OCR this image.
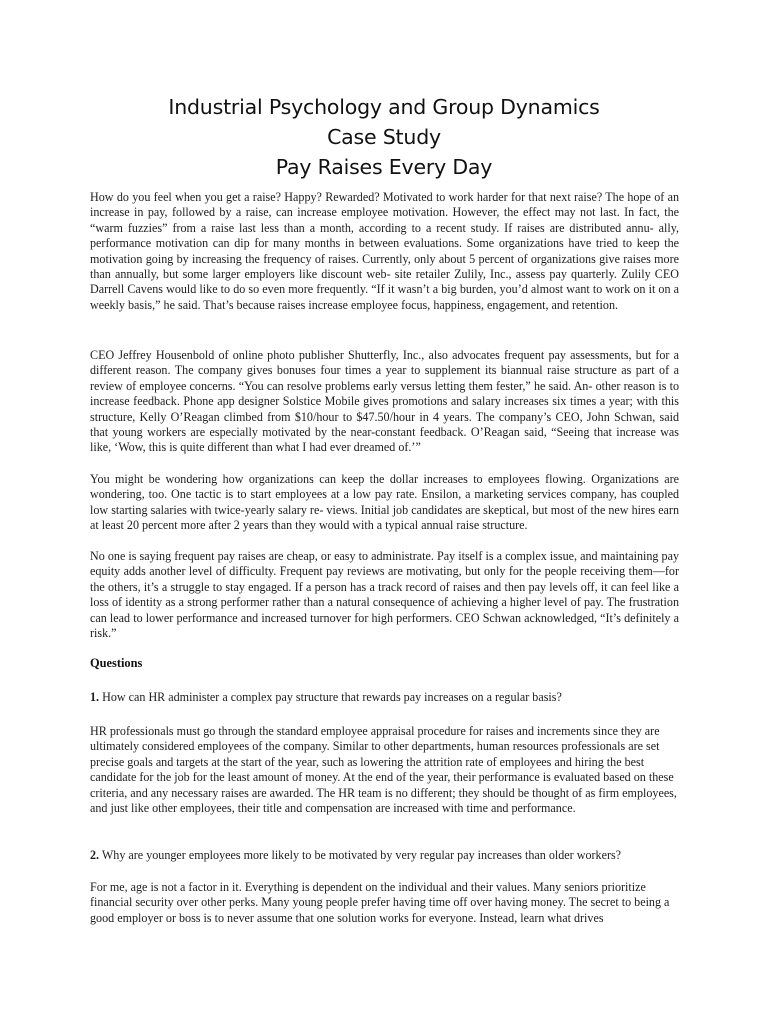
Industrial Psychology and Group Dynamics
Case Study
Pay Raises Every Day

How do you feel when you get a raise? Happy? Rewarded? Motivated to work harder for that next raise? The hope of an increase in pay, followed by a raise, can increase employee motivation. However, the effect may not last. In fact, the “warm fuzzies” from a raise last less than a month, according to a recent study. If raises are distributed annu- ally, performance motivation can dip for many months in between evaluations. Some organizations have tried to keep the motivation going by increasing the frequency of raises. Currently, only about 5 percent of organizations give raises more than annually, but some larger employers like discount web- site retailer Zulily, Inc., assess pay quarterly. Zulily CEO Darrell Cavens would like to do so even more frequently. “If it wasn’t a big burden, you’d almost want to work on it on a weekly basis,” he said. That’s because raises increase employee focus, happiness, engagement, and retention.

CEO Jeffrey Housenbold of online photo publisher Shutterfly, Inc., also advocates frequent pay assessments, but for a different reason. The company gives bonuses four times a year to supplement its biannual raise structure as part of a review of employee concerns. “You can resolve problems early versus letting them fester,” he said. An- other reason is to increase feedback. Phone app designer Solstice Mobile gives promotions and salary increases six times a year; with this structure, Kelly O’Reagan climbed from $10/hour to $47.50/hour in 4 years. The company’s CEO, John Schwan, said that young workers are especially motivated by the near-constant feedback. O’Reagan said, “Seeing that increase was like, ‘Wow, this is quite different than what I had ever dreamed of.’”

You might be wondering how organizations can keep the dollar increases to employees flowing. Organizations are wondering, too. One tactic is to start employees at a low pay rate. Ensilon, a marketing services company, has coupled low starting salaries with twice-yearly salary re- views. Initial job candidates are skeptical, but most of the new hires earn at least 20 percent more after 2 years than they would with a typical annual raise structure.

No one is saying frequent pay raises are cheap, or easy to administrate. Pay itself is a complex issue, and maintaining pay equity adds another level of difficulty. Frequent pay reviews are motivating, but only for the people receiving them—for the others, it’s a struggle to stay engaged. If a person has a track record of raises and then pay levels off, it can feel like a loss of identity as a strong performer rather than a natural consequence of achieving a higher level of pay. The frustration can lead to lower performance and increased turnover for high performers. CEO Schwan acknowledged, “It’s definitely a risk.”

Questions

1. How can HR administer a complex pay structure that rewards pay increases on a regular basis?

HR professionals must go through the standard employee appraisal procedure for raises and increments since they are ultimately considered employees of the company. Similar to other departments, human resources professionals are set precise goals and targets at the start of the year, such as lowering the attrition rate of employees and hiring the best candidate for the job for the least amount of money. At the end of the year, their performance is evaluated based on these criteria, and any necessary raises are awarded. The HR team is no different; they should be thought of as firm employees, and just like other employees, their title and compensation are increased with time and performance.

2. Why are younger employees more likely to be motivated by very regular pay increases than older workers?

For me, age is not a factor in it. Everything is dependent on the individual and their values. Many seniors prioritize financial security over other perks. Many young people prefer having time off over having money. The secret to being a good employer or boss is to never assume that one solution works for everyone. Instead, learn what drives
